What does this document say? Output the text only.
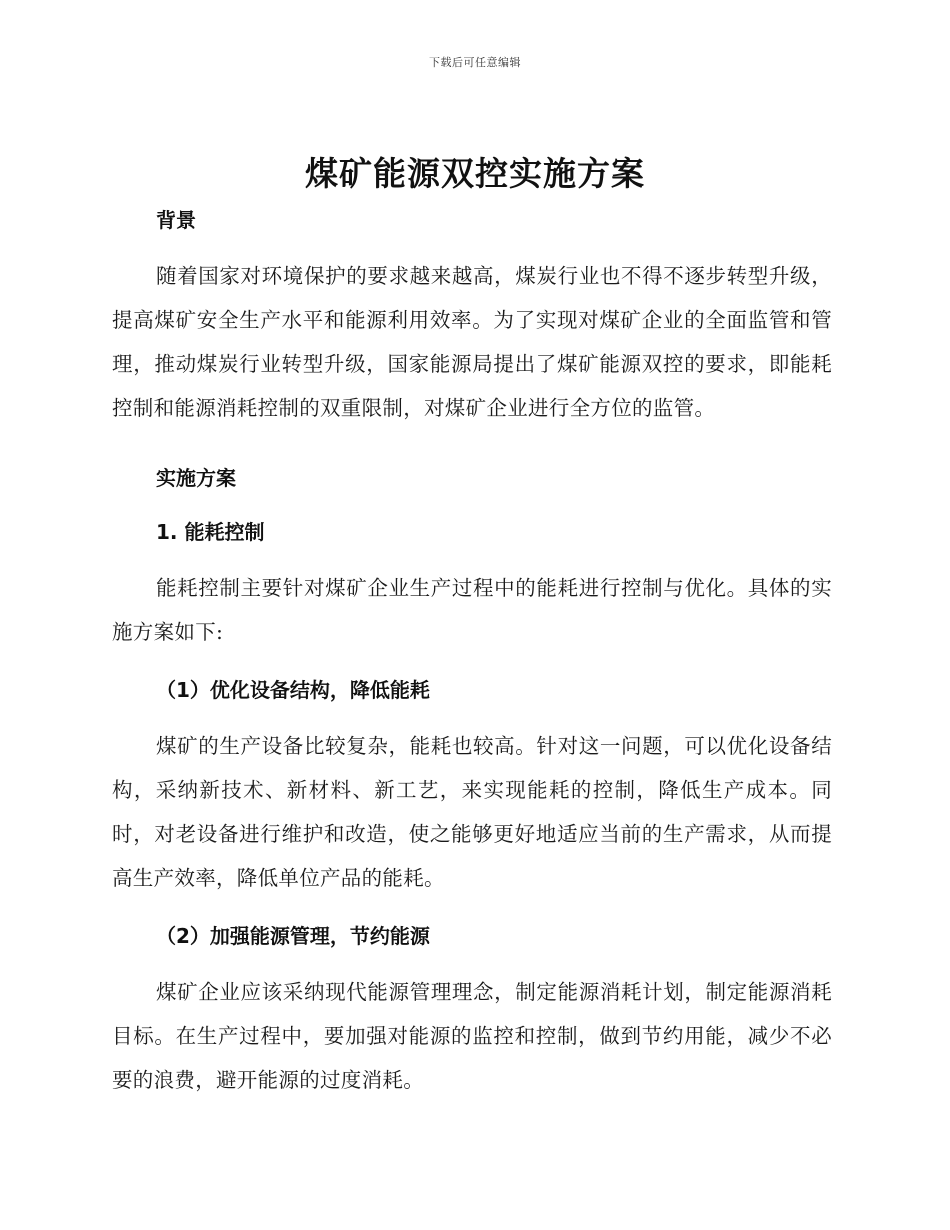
下载后可任意编辑
煤矿能源双控实施方案

背景

随着国家对环境保护的要求越来越高，煤炭行业也不得不逐步转型升级，提高煤矿安全生产水平和能源利用效率。为了实现对煤矿企业的全面监管和管理，推动煤炭行业转型升级，国家能源局提出了煤矿能源双控的要求，即能耗控制和能源消耗控制的双重限制，对煤矿企业进行全方位的监管。

实施方案

1. 能耗控制

能耗控制主要针对煤矿企业生产过程中的能耗进行控制与优化。具体的实施方案如下:

（1）优化设备结构，降低能耗

煤矿的生产设备比较复杂，能耗也较高。针对这一问题，可以优化设备结构，采纳新技术、新材料、新工艺，来实现能耗的控制，降低生产成本。同时，对老设备进行维护和改造，使之能够更好地适应当前的生产需求，从而提高生产效率，降低单位产品的能耗。

（2）加强能源管理，节约能源

煤矿企业应该采纳现代能源管理理念，制定能源消耗计划，制定能源消耗目标。在生产过程中，要加强对能源的监控和控制，做到节约用能，减少不必要的浪费，避开能源的过度消耗。
